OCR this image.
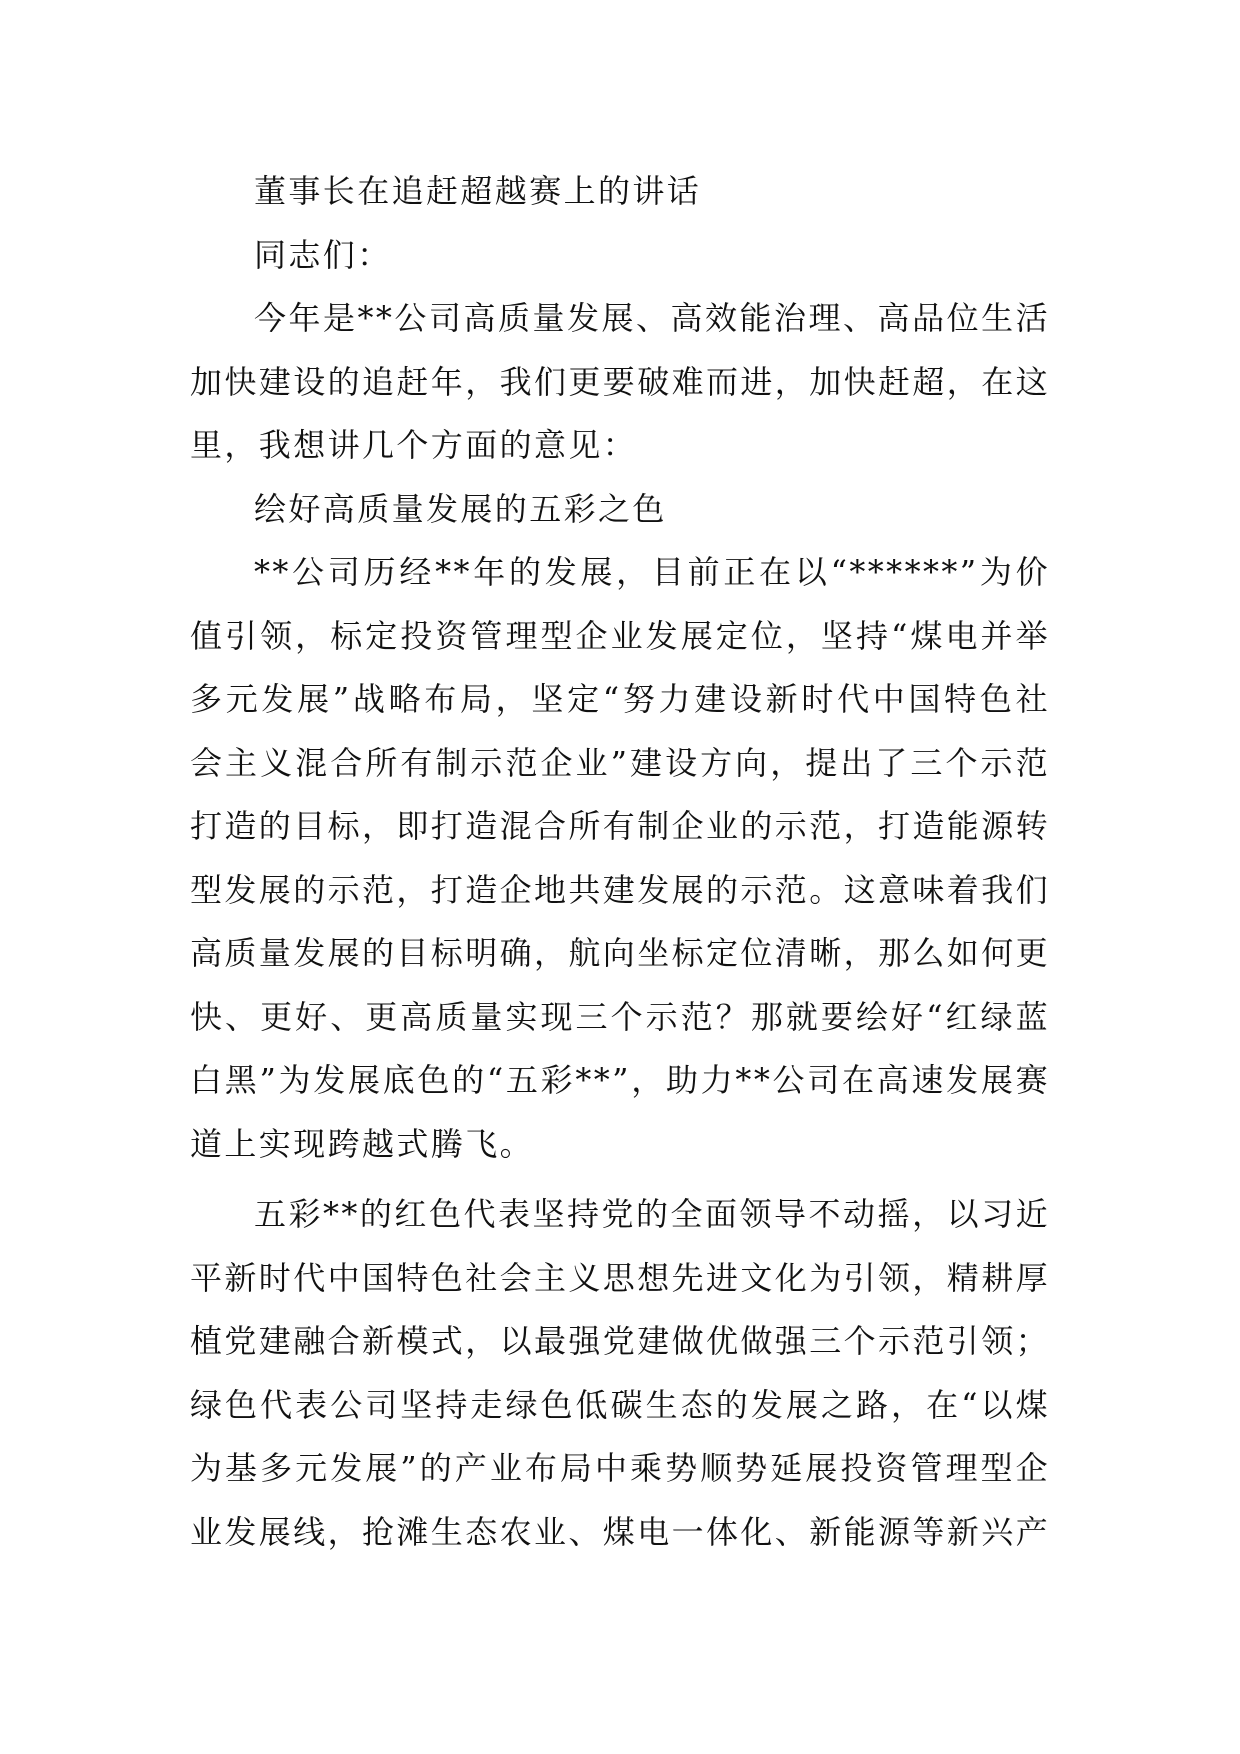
董事长在追赶超越赛上的讲话

同志们：

今年是**公司高质量发展、高效能治理、高品位生活加快建设的追赶年，我们更要破难而进，加快赶超，在这里，我想讲几个方面的意见：

绘好高质量发展的五彩之色

**公司历经**年的发展，目前正在以“******”为价值引领，标定投资管理型企业发展定位，坚持“煤电并举多元发展”战略布局，坚定“努力建设新时代中国特色社会主义混合所有制示范企业”建设方向，提出了三个示范打造的目标，即打造混合所有制企业的示范，打造能源转型发展的示范，打造企地共建发展的示范。这意味着我们高质量发展的目标明确，航向坐标定位清晰，那么如何更快、更好、更高质量实现三个示范？那就要绘好“红绿蓝白黑”为发展底色的“五彩**”，助力**公司在高速发展赛道上实现跨越式腾飞。

五彩**的红色代表坚持党的全面领导不动摇，以习近平新时代中国特色社会主义思想先进文化为引领，精耕厚植党建融合新模式，以最强党建做优做强三个示范引领；绿色代表公司坚持走绿色低碳生态的发展之路，在“以煤为基多元发展”的产业布局中乘势顺势延展投资管理型企业发展线，抢滩生态农业、煤电一体化、新能源等新兴产
